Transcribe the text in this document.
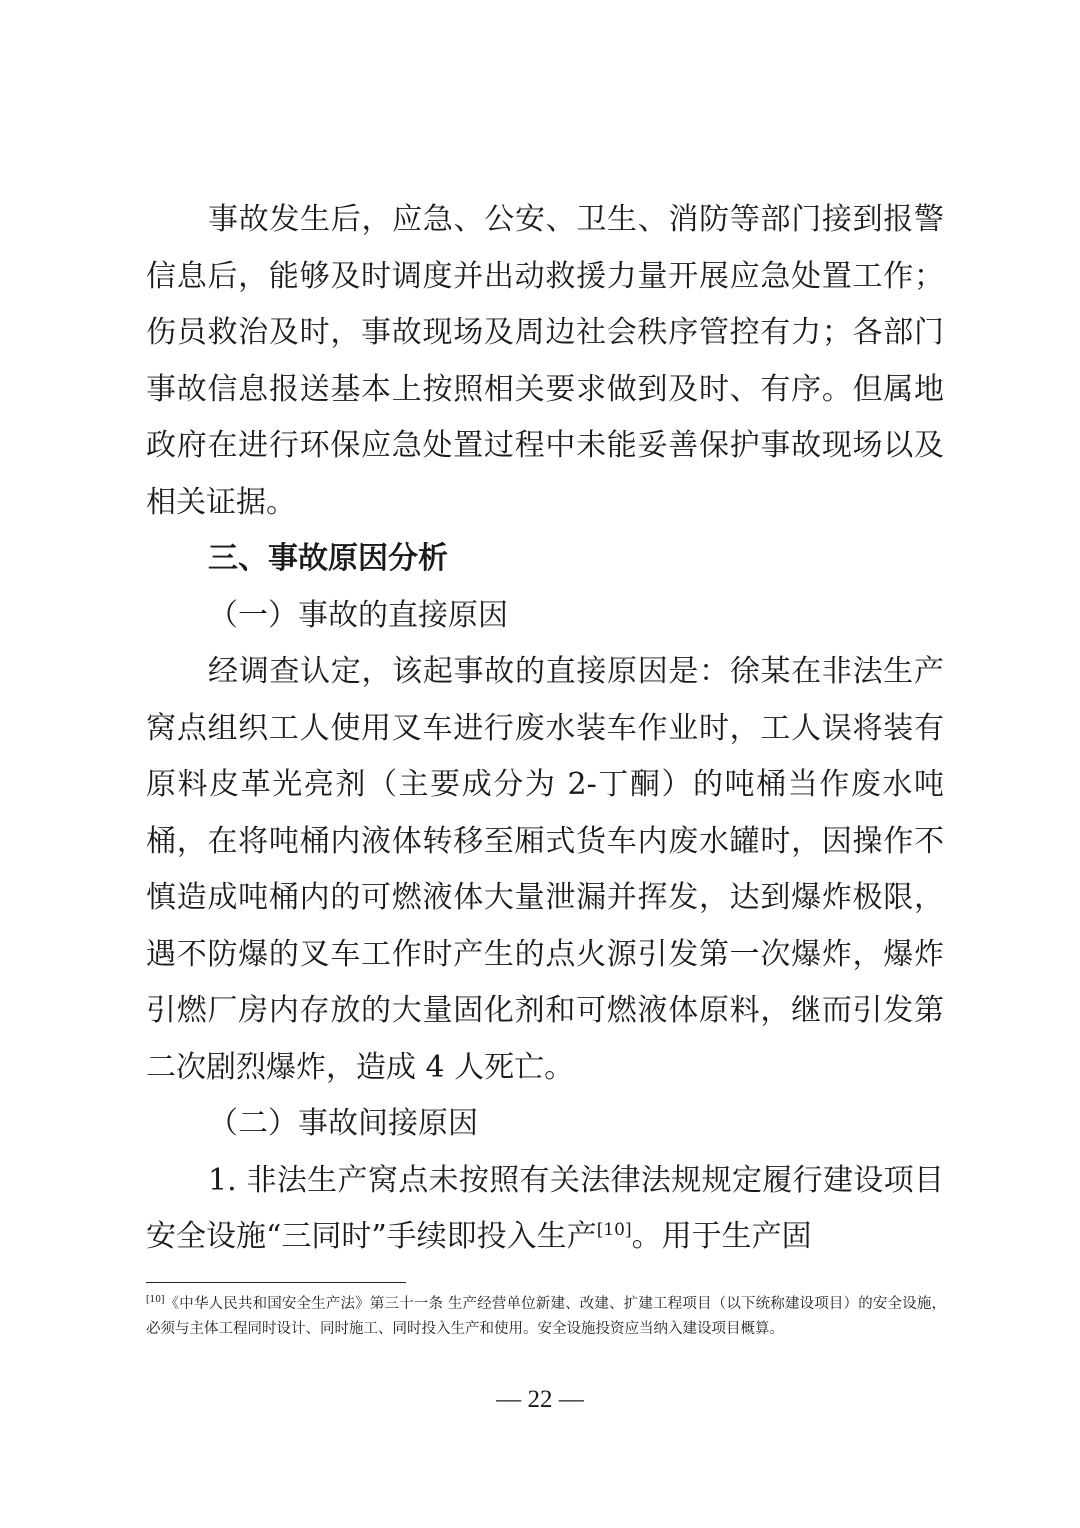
事故发生后，应急、公安、卫生、消防等部门接到报警信息后，能够及时调度并出动救援力量开展应急处置工作；伤员救治及时，事故现场及周边社会秩序管控有力；各部门事故信息报送基本上按照相关要求做到及时、有序。但属地政府在进行环保应急处置过程中未能妥善保护事故现场以及相关证据。

三、事故原因分析
（一）事故的直接原因

经调查认定，该起事故的直接原因是：徐某在非法生产窝点组织工人使用叉车进行废水装车作业时，工人误将装有原料皮革光亮剂（主要成分为 2-丁酮）的吨桶当作废水吨桶，在将吨桶内液体转移至厢式货车内废水罐时，因操作不慎造成吨桶内的可燃液体大量泄漏并挥发，达到爆炸极限，遇不防爆的叉车工作时产生的点火源引发第一次爆炸，爆炸引燃厂房内存放的大量固化剂和可燃液体原料，继而引发第二次剧烈爆炸，造成 4 人死亡。

（二）事故间接原因

1. 非法生产窝点未按照有关法律法规规定履行建设项目安全设施“三同时”手续即投入生产[10]。用于生产固

[10]《中华人民共和国安全生产法》第三十一条 生产经营单位新建、改建、扩建工程项目（以下统称建设项目）的安全设施，必须与主体工程同时设计、同时施工、同时投入生产和使用。安全设施投资应当纳入建设项目概算。
— 22 —
